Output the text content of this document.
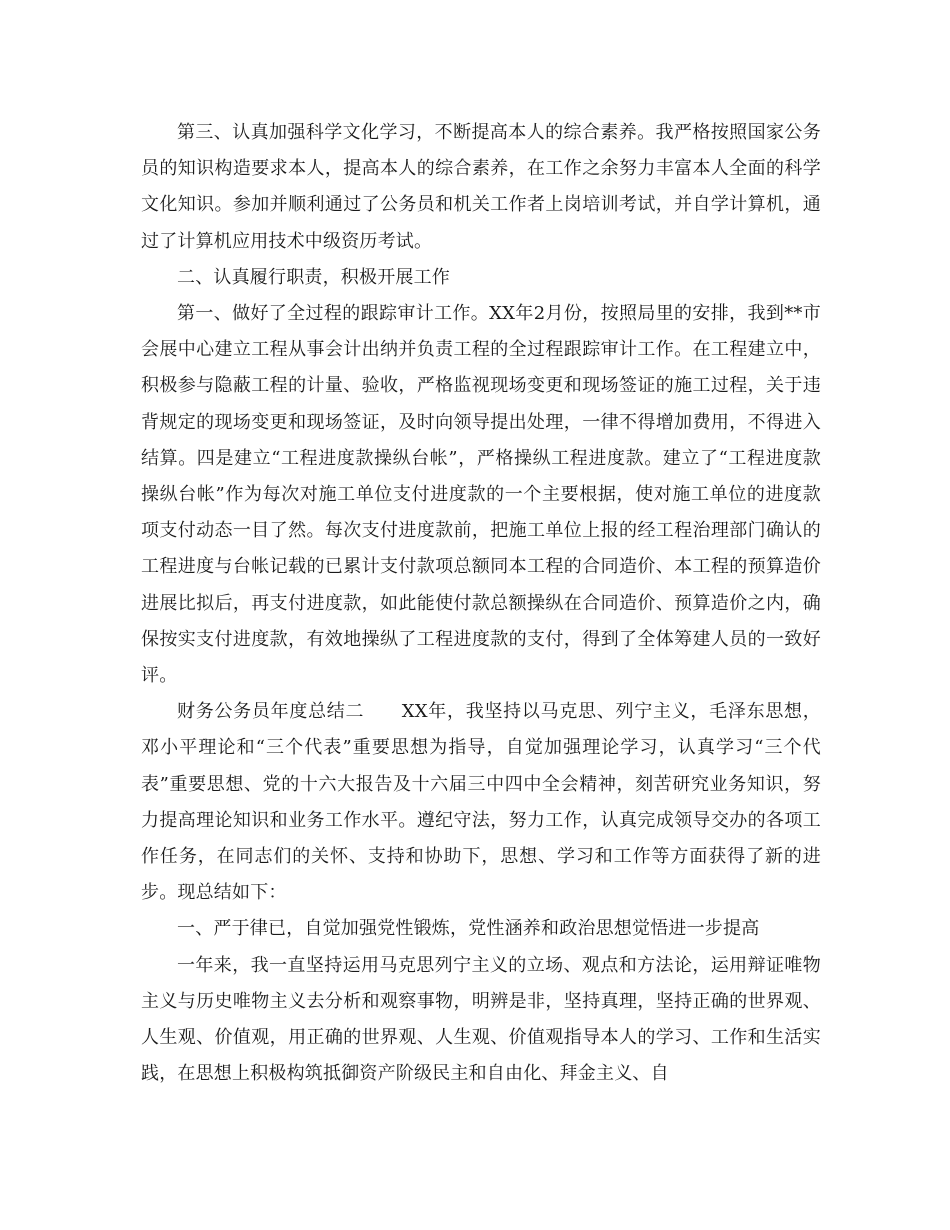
第三、认真加强科学文化学习，不断提高本人的综合素养。我严格按照国家公务员的知识构造要求本人，提高本人的综合素养，在工作之余努力丰富本人全面的科学文化知识。参加并顺利通过了公务员和机关工作者上岗培训考试，并自学计算机，通过了计算机应用技术中级资历考试。

二、认真履行职责，积极开展工作

第一、做好了全过程的跟踪审计工作。XX年2月份，按照局里的安排，我到**市会展中心建立工程从事会计出纳并负责工程的全过程跟踪审计工作。在工程建立中，积极参与隐蔽工程的计量、验收，严格监视现场变更和现场签证的施工过程，关于违背规定的现场变更和现场签证，及时向领导提出处理，一律不得增加费用，不得进入结算。四是建立“工程进度款操纵台帐”，严格操纵工程进度款。建立了“工程进度款操纵台帐”作为每次对施工单位支付进度款的一个主要根据，使对施工单位的进度款项支付动态一目了然。每次支付进度款前，把施工单位上报的经工程治理部门确认的工程进度与台帐记载的已累计支付款项总额同本工程的合同造价、本工程的预算造价进展比拟后，再支付进度款，如此能使付款总额操纵在合同造价、预算造价之内，确保按实支付进度款，有效地操纵了工程进度款的支付，得到了全体筹建人员的一致好评。

财务公务员年度总结二　　XX年，我坚持以马克思、列宁主义，毛泽东思想，邓小平理论和“三个代表”重要思想为指导，自觉加强理论学习，认真学习“三个代表”重要思想、党的十六大报告及十六届三中四中全会精神，刻苦研究业务知识，努力提高理论知识和业务工作水平。遵纪守法，努力工作，认真完成领导交办的各项工作任务，在同志们的关怀、支持和协助下，思想、学习和工作等方面获得了新的进步。现总结如下：

一、严于律已，自觉加强党性锻炼，党性涵养和政治思想觉悟进一步提高

一年来，我一直坚持运用马克思列宁主义的立场、观点和方法论，运用辩证唯物主义与历史唯物主义去分析和观察事物，明辨是非，坚持真理，坚持正确的世界观、人生观、价值观，用正确的世界观、人生观、价值观指导本人的学习、工作和生活实践，在思想上积极构筑抵御资产阶级民主和自由化、拜金主义、自
